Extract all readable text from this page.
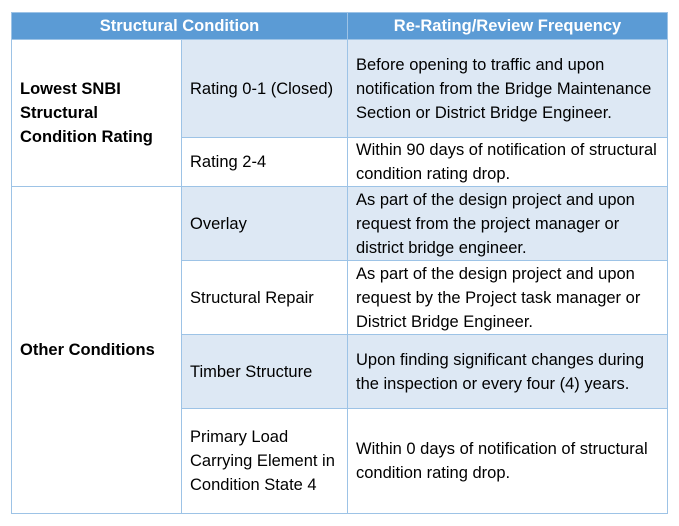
Structural Condition		Re-Rating/Review Frequency
Lowest SNBI Structural Condition Rating	Rating 0-1 (Closed)	Before opening to traffic and upon notification from the Bridge Maintenance Section or District Bridge Engineer.
	Rating 2-4	Within 90 days of notification of structural condition rating drop.
Other Conditions	Overlay	As part of the design project and upon request from the project manager or district bridge engineer.
	Structural Repair	As part of the design project and upon request by the Project task manager or District Bridge Engineer.
	Timber Structure	Upon finding significant changes during the inspection or every four (4) years.
	Primary Load Carrying Element in Condition State 4	Within 0 days of notification of structural condition rating drop.
